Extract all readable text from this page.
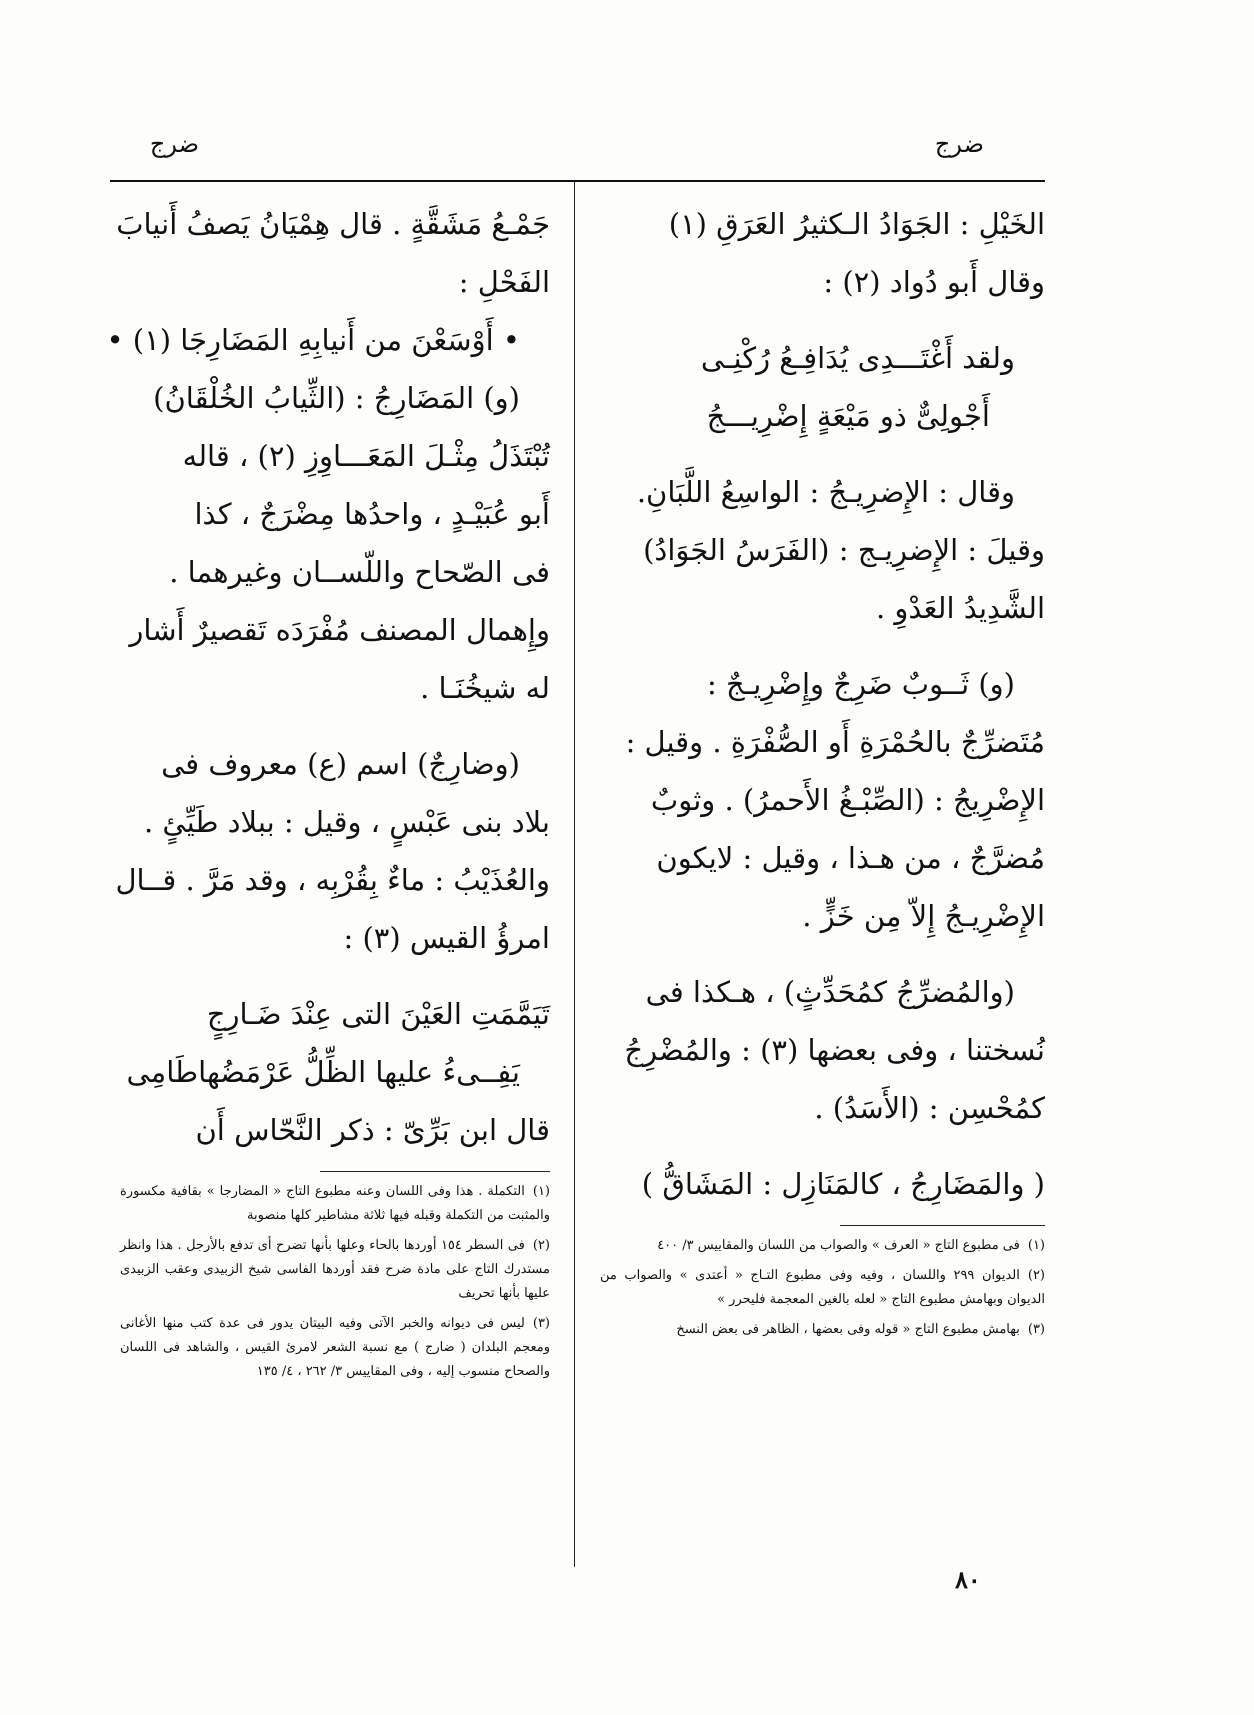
ضرج
ضرج
الخَيْلِ : الجَوَادُ الـكثيرُ العَرَقِ (١)
وقال أَبو دُواد (٢) :
ولقد أَغْتَـــدِى يُدَافِـعُ رُكْنِـى
أَجْولِىٌّ ذو مَيْعَةٍ إِضْرِيـــجُ
وقال : الإِضرِيـجُ : الواسِعُ اللَّبَانِ.
وقيلَ : الإِضرِيـج : (الفَرَسُ الجَوَادُ)
الشَّدِيدُ العَدْوِ .
(و) ثَــوبٌ ضَرِجٌ وإِضْرِيـجٌ :
مُتَضرِّجٌ بالحُمْرَةِ أَو الصُّفْرَةِ . وقيل :
الإِضْرِيجُ : (الصِّبْـغُ الأَحمرُ) . وثوبٌ
مُضرَّجٌ ، من هـذا ، وقيل : لايكون
الإِضْرِيـجُ إِلاّ مِن خَزٍّ .
(والمُضرِّجُ كمُحَدِّثٍ) ، هـكذا فى
نُسختنا ، وفى بعضها (٣) : والمُضْرِجُ
كمُحْسِن : (الأَسَدُ) .
( والمَضَارِجُ ، كالمَنَازِل : المَشَاقُّ )
(١)فى مطبوع التاج « العرف » والصواب من اللسان والمقاييس ٣/ ٤٠٠
(٢)الديوان ٢٩٩ واللسان ، وفيه وفى مطبوع التـاج « أعتدى » والصواب من الديوان وبهامش مطبوع التاج « لعله بالغين المعجمة فليحرر »
(٣)بهامش مطبوع التاج « قوله وفى بعضها ، الظاهر فى بعض النسخ
جَمْـعُ مَشَقَّةٍ . قال هِمْيَانُ يَصفُ أَنيابَ
الفَحْلِ :
• أَوْسَعْنَ من أَنيابِهِ المَضَارِجَا (١) •
(و) المَضَارِجُ : (الثِّيابُ الخُلْقَانُ)
تُبْتَذَلُ مِثْـلَ المَعَـــاوِزِ (٢) ، قاله
أَبو عُبَيْـدٍ ، واحدُها مِضْرَجٌ ، كذا
فى الصّحاح واللّســان وغيرهما .
وإِهمال المصنف مُفْرَدَه تَقصيرٌ أَشار
له شيخُنَـا .
(وضارِجٌ) اسم (ع) معروف فى
بلاد بنى عَبْسٍ ، وقيل : ببلاد طَيِّئٍ .
والعُذَيْبُ : ماءٌ بِقُرْبِه ، وقد مَرَّ . قــال
امرؤُ القيس (٣) :
تَيَمَّمَتِ العَيْنَ التى عِنْدَ ضَـارِجٍ
يَفِــىءُ عليها الظِّلُّ عَرْمَضُهاطَامِى
قال ابن بَرِّىّ : ذكر النَّحّاس أَن
(١)التكملة . هذا وفى اللسان وعنه مطبوع التاج « المضارجا » بقافية مكسورة والمثبت من التكملة وقبله فيها ثلاثة مشاطير كلها منصوبة
(٢)فى السطر ١٥٤ أوردها بالحاء وعلها بأنها تضرح أى تدفع بالأرجل . هذا وانظر مستدرك التاج على مادة ضرح فقد أوردها الفاسى شيخ الزبيدى وعقب الزبيدى عليها بأنها تحريف
(٣)ليس فى ديوانه والخبر الآتى وفيه البيتان يدور فى عدة كتب منها الأغانى ومعجم البلدان ( ضارج ) مع نسبة الشعر لامرئ القيس ، والشاهد فى اللسان والصحاح منسوب إليه ، وفى المقاييس ٣/ ٢٦٢ ، ٤/ ١٣٥
٨٠
